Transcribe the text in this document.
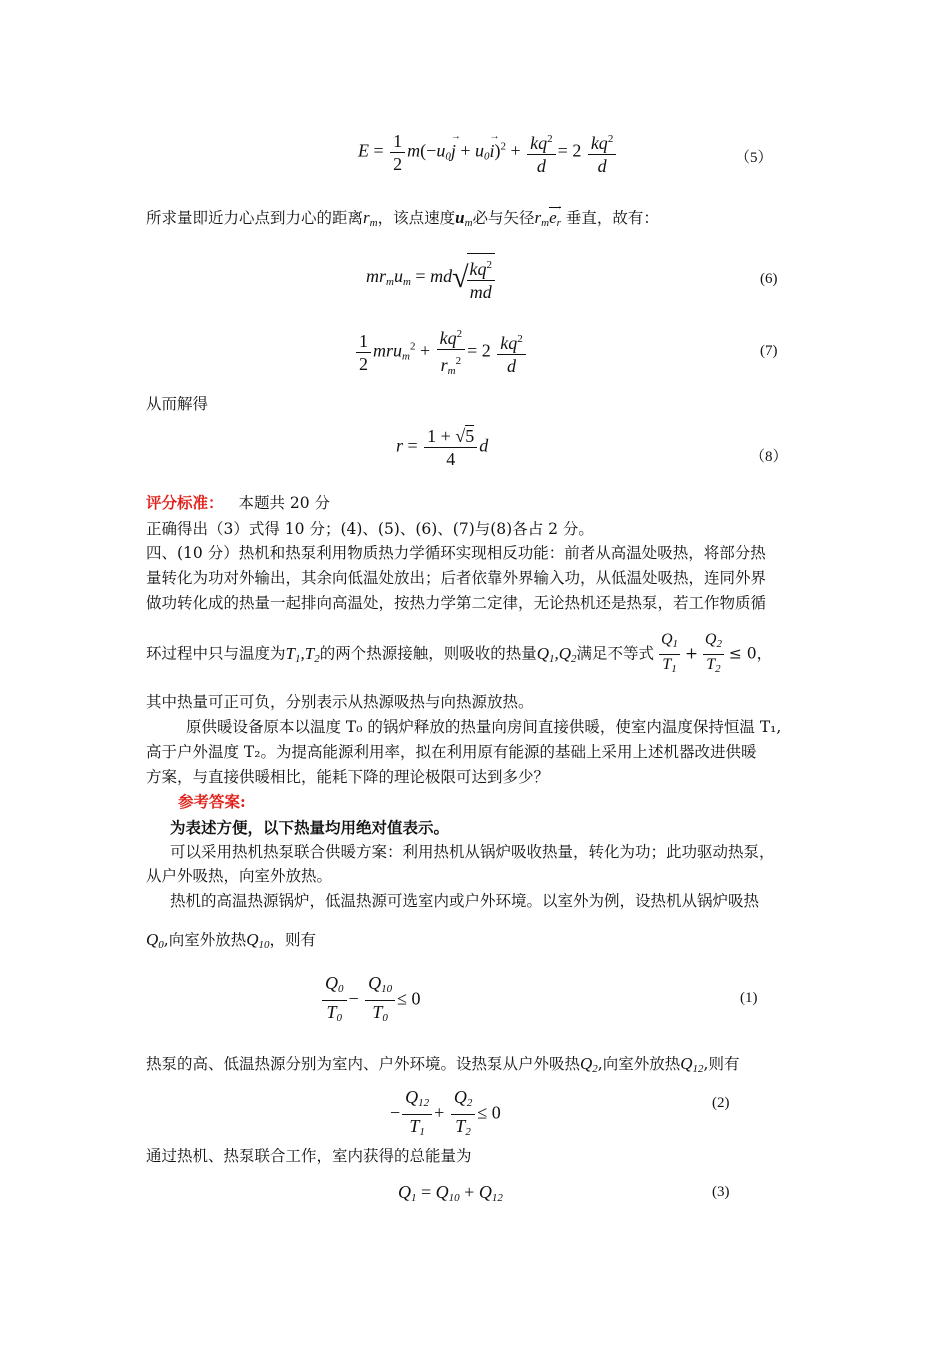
$E = \frac{1}{2} m(-u_0\to j + u_0\to i)^2 + \frac{kq^2}{d} = 2 \frac{kq^2}{d}$	（5）
所求量即近力心点到力心的距离$r_m$，该点速度$u_m$必与矢径$r_me_r$ → 垂直，故有：
$mr_mu_m = md√$
$\frac{kq^2}{md}$	(6)
$\frac{1}{2} mru_m^2 + \frac{kq^2}{r_m^2} = 2 \frac{kq^2}{d}$	(7)
从而解得
$r = \frac{1 + √5}{4}$ d
（8）
评分标准： 本题共 20 分
正确得出（3）式得 10 分；(4)、(5)、(6)、(7)与(8)各占 2 分。
四、(10 分）热机和热泵利用物质热力学循环实现相反功能：前者从高温处吸热，将部分热
量转化为功对外输出，其余向低温处放出；后者依靠外界输入功，从低温处吸热，连同外界
做功转化成的热量一起排向高温处，按热力学第二定律，无论热机还是热泵，若工作物质循
环过程中只与温度为$T_1,T_2$的两个热源接触，则吸收的热量$Q_1,Q_2$满足不等式 $\frac{Q_1}{T_1} + \frac{Q_2}{T_2} \le 0$，
其中热量可正可负，分别表示从热源吸热与向热源放热。
原供暖设备原本以温度 T₀ 的锅炉释放的热量向房间直接供暖，使室内温度保持恒温 T₁,
高于户外温度 T₂。为提高能源利用率，拟在利用原有能源的基础上采用上述机器改进供暖
方案，与直接供暖相比，能耗下降的理论极限可达到多少？
参考答案:
为表述方便，以下热量均用绝对值表示。
可以采用热机热泵联合供暖方案：利用热机从锅炉吸收热量，转化为功；此功驱动热泵，
从户外吸热，向室外放热。
热机的高温热源锅炉，低温热源可选室内或户外环境。以室外为例，设热机从锅炉吸热
$Q_0$,向室外放热$Q_{10}$，则有
$\frac{Q_0}{T_0} - \frac{Q_{10}}{T_0} \le 0$	(1)
热泵的高、低温热源分别为室内、户外环境。设热泵从户外吸热$Q_2$,向室外放热$Q_{12}$,则有
− $\frac{Q_{12}}{T_1} + \frac{Q_2}{T_2} \le 0$	(2)
通过热机、热泵联合工作，室内获得的总能量为
$Q_1 = Q_{10} + Q_{12}$	(3)
